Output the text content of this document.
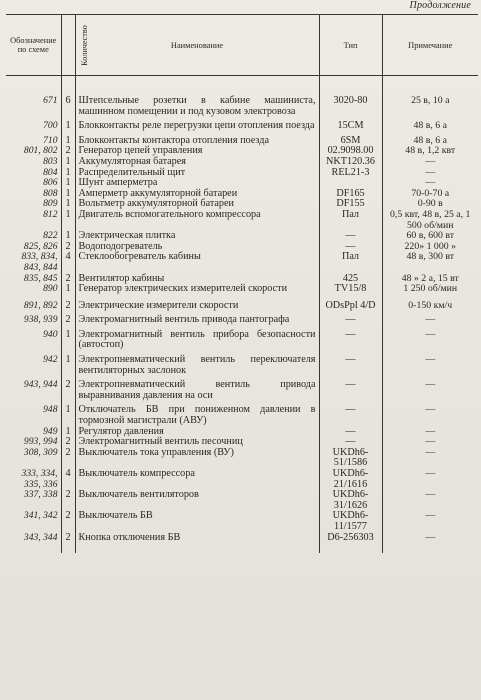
Продолжение
Обозначение по схеме	Количество	Наименование	Тип	Примечание

671	6	Штепсельные розетки в кабине машиниста, машинном помещении и под кузовом электровоза	3020-80	25 в, 10 а

700	1	Блокконтакты реле перегрузки цепи отопления поезда	15СМ	48 в, 6 а

710	1	Блокконтакты контактора отопления поезда	6SM	48 в, 6 а
801, 802	2	Генератор цепей управления	02.9098.00	48 в, 1,2 квт
803	1	Аккумуляторная батарея	NKT120.36	—
804	1	Распределительный щит	REL21-3	—
806	1	Шунт амперметра		—
808	1	Амперметр аккумуляторной батареи	DF165	70-0-70 а
809	1	Вольтметр аккумуляторной батареи	DF155	0-90 в
812	1	Двигатель вспомогательного компрессора	Пал	0,5 квт, 48 в, 25 а, 1 500 об/мин
822	1	Электрическая плитка	—	60 в, 600 вт
825, 826	2	Водоподогреватель	—	220» 1 000 »
833, 834, 843, 844	4	Стеклообогреватель кабины	Пал	48 в, 300 вт
835, 845	2	Вентилятор кабины	425	48 » 2 а, 15 вт
890	1	Генератор электрических измерителей скорости	TV15/8	1 250 об/мин

891, 892	2	Электрические измерители скорости	ODsPpl 4/D	0-150 км/ч

938, 939	2	Электромагнитный вентиль привода пантографа	—	—

940	1	Электромагнитный вентиль прибора безопасности (автостоп)	—	—

942	1	Электропневматический вентиль переключателя вентиляторных заслонок	—	—

943, 944	2	Электропневматический вентиль привода выравнивания давления на оси	—	—

948	1	Отключатель БВ при пониженном давлении в тормозной магистрали (АВУ)	—	—
949	1	Регулятор давления	—	—
993, 994	2	Электромагнитный вентиль песочниц	—	—
308, 309	2	Выключатель тока управления (ВУ)	UKDh6-51/1586	—
333, 334, 335, 336	4	Выключатель компрессора	UKDh6-21/1616	—
337, 338	2	Выключатель вентиляторов	UKDh6-31/1626	—
341, 342	2	Выключатель БВ	UKDh6-11/1577	—
343, 344	2	Кнопка отключения БВ	D6-256303	—
